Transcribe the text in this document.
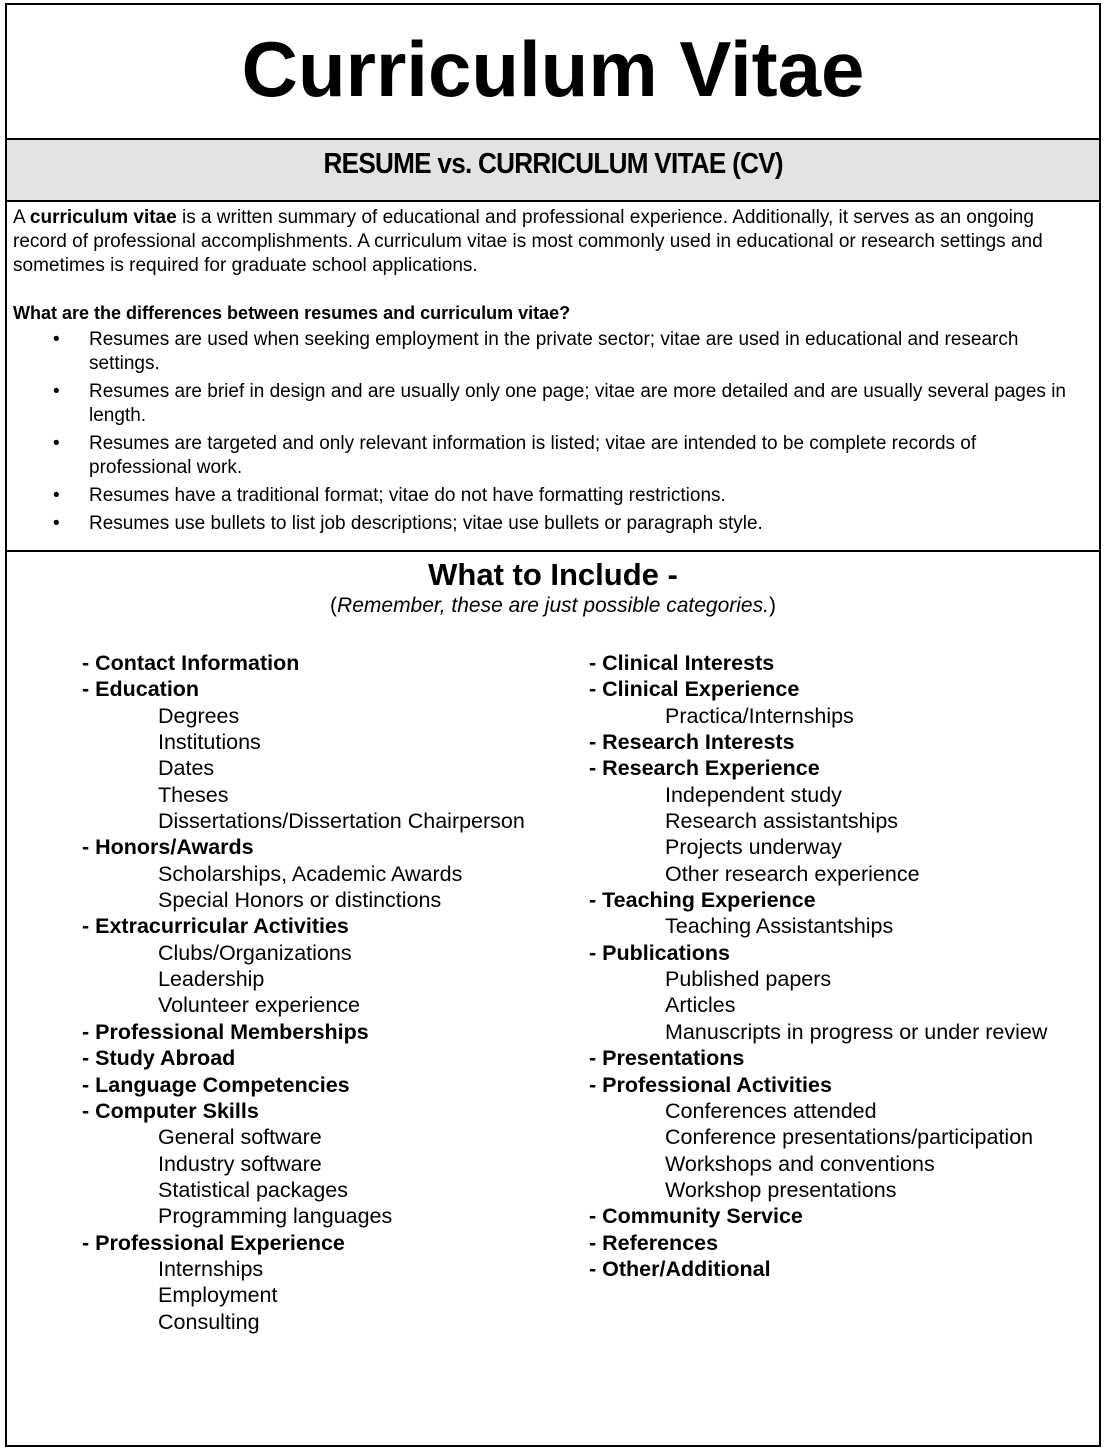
Curriculum Vitae
RESUME vs. CURRICULUM VITAE (CV)

A curriculum vitae is a written summary of educational and professional experience. Additionally, it serves as an ongoing record of professional accomplishments. A curriculum vitae is most commonly used in educational or research settings and sometimes is required for graduate school applications.

What are the differences between resumes and curriculum vitae?

• Resumes are used when seeking employment in the private sector; vitae are used in educational and research settings.
• Resumes are brief in design and are usually only one page; vitae are more detailed and are usually several pages in length.
• Resumes are targeted and only relevant information is listed; vitae are intended to be complete records of professional work.
• Resumes have a traditional format; vitae do not have formatting restrictions.
• Resumes use bullets to list job descriptions; vitae use bullets or paragraph style.
What to Include -
(Remember, these are just possible categories.)
- Contact Information
- Education
Degrees
Institutions
Dates
Theses
Dissertations/Dissertation Chairperson
- Honors/Awards
Scholarships, Academic Awards
Special Honors or distinctions
- Extracurricular Activities
Clubs/Organizations
Leadership
Volunteer experience
- Professional Memberships
- Study Abroad
- Language Competencies
- Computer Skills
General software
Industry software
Statistical packages
Programming languages
- Professional Experience
Internships
Employment
Consulting
- Clinical Interests
- Clinical Experience
Practica/Internships
- Research Interests
- Research Experience
Independent study
Research assistantships
Projects underway
Other research experience
- Teaching Experience
Teaching Assistantships
- Publications
Published papers
Articles
Manuscripts in progress or under review
- Presentations
- Professional Activities
Conferences attended
Conference presentations/participation
Workshops and conventions
Workshop presentations
- Community Service
- References
- Other/Additional
